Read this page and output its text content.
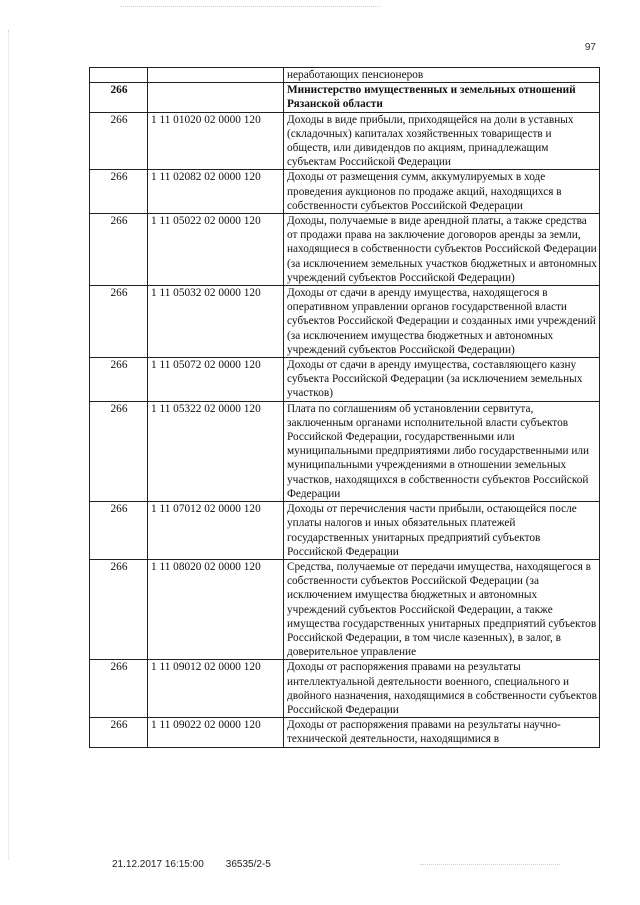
97
		неработающих пенсионеров
266		Министерство имущественных и земельных отношений Рязанской области
266	1 11 01020 02 0000 120	Доходы в виде прибыли, приходящейся на доли в уставных (складочных) капиталах хозяйственных товариществ и обществ, или дивидендов по акциям, принадлежащим субъектам Российской Федерации
266	1 11 02082 02 0000 120	Доходы от размещения сумм, аккумулируемых в ходе проведения аукционов по продаже акций, находящихся в собственности субъектов Российской Федерации
266	1 11 05022 02 0000 120	Доходы, получаемые в виде арендной платы, а также средства от продажи права на заключение договоров аренды за земли, находящиеся в собственности субъектов Российской Федерации (за исключением земельных участков бюджетных и автономных учреждений субъектов Российской Федерации)
266	1 11 05032 02 0000 120	Доходы от сдачи в аренду имущества, находящегося в оперативном управлении органов государственной власти субъектов Российской Федерации и созданных ими учреждений (за исключением имущества бюджетных и автономных учреждений субъектов Российской Федерации)
266	1 11 05072 02 0000 120	Доходы от сдачи в аренду имущества, составляющего казну субъекта Российской Федерации (за исключением земельных участков)
266	1 11 05322 02 0000 120	Плата по соглашениям об установлении сервитута, заключенным органами исполнительной власти субъектов Российской Федерации, государственными или муниципальными предприятиями либо государственными или муниципальными учреждениями в отношении земельных участков, находящихся в собственности субъектов Российской Федерации
266	1 11 07012 02 0000 120	Доходы от перечисления части прибыли, остающейся после уплаты налогов и иных обязательных платежей государственных унитарных предприятий субъектов Российской Федерации
266	1 11 08020 02 0000 120	Средства, получаемые от передачи имущества, находящегося в собственности субъектов Российской Федерации (за исключением имущества бюджетных и автономных учреждений субъектов Российской Федерации, а также имущества государственных унитарных предприятий субъектов Российской Федерации, в том числе казенных), в залог, в доверительное управление
266	1 11 09012 02 0000 120	Доходы от распоряжения правами на результаты интеллектуальной деятельности военного, специального и двойного назначения, находящимися в собственности субъектов Российской Федерации
266	1 11 09022 02 0000 120	Доходы от распоряжения правами на результаты научно-технической деятельности, находящимися в
21.12.2017 16:15:00 36535/2-5
